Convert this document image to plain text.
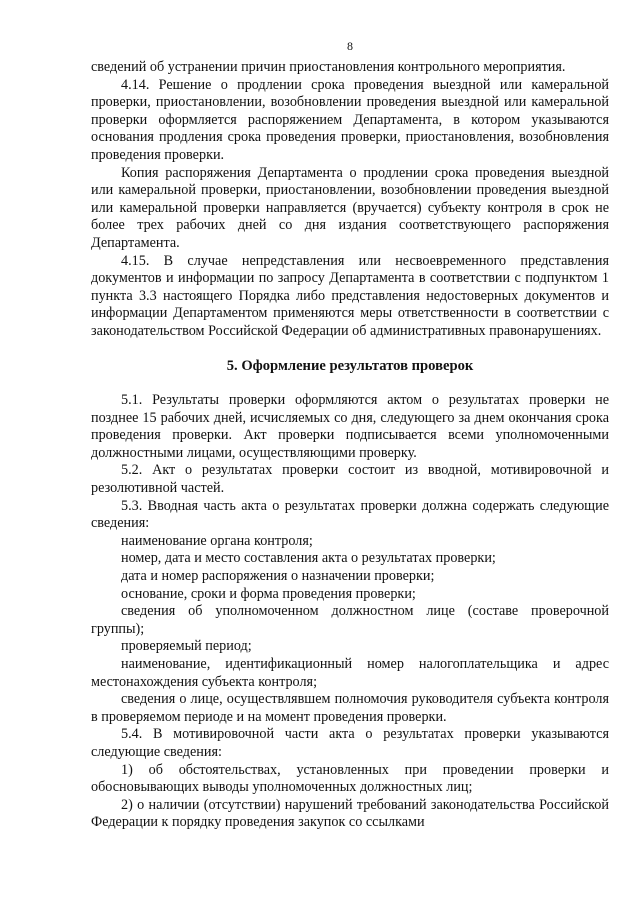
8

сведений об устранении причин приостановления контрольного мероприятия.

4.14. Решение о продлении срока проведения выездной или камеральной проверки, приостановлении, возобновлении проведения выездной или камеральной проверки оформляется распоряжением Департамента, в котором указываются основания продления срока проведения проверки, приостановления, возобновления проведения проверки.

Копия распоряжения Департамента о продлении срока проведения выездной или камеральной проверки, приостановлении, возобновлении проведения выездной или камеральной проверки направляется (вручается) субъекту контроля в срок не более трех рабочих дней со дня издания соответствующего распоряжения Департамента.

4.15. В случае непредставления или несвоевременного представления документов и информации по запросу Департамента в соответствии с подпунктом 1 пункта 3.3 настоящего Порядка либо представления недостоверных документов и информации Департаментом применяются меры ответственности в соответствии с законодательством Российской Федерации об административных правонарушениях.

5. Оформление результатов проверок

5.1. Результаты проверки оформляются актом о результатах проверки не позднее 15 рабочих дней, исчисляемых со дня, следующего за днем окончания срока проведения проверки. Акт проверки подписывается всеми уполномоченными должностными лицами, осуществляющими проверку.

5.2. Акт о результатах проверки состоит из вводной, мотивировочной и резолютивной частей.

5.3. Вводная часть акта о результатах проверки должна содержать следующие сведения:

наименование органа контроля;

номер, дата и место составления акта о результатах проверки;

дата и номер распоряжения о назначении проверки;

основание, сроки и форма проведения проверки;

сведения об уполномоченном должностном лице (составе проверочной группы);

проверяемый период;

наименование, идентификационный номер налогоплательщика и адрес местонахождения субъекта контроля;

сведения о лице, осуществлявшем полномочия руководителя субъекта контроля в проверяемом периоде и на момент проведения проверки.

5.4. В мотивировочной части акта о результатах проверки указываются следующие сведения:

1) об обстоятельствах, установленных при проведении проверки и обосновывающих выводы уполномоченных должностных лиц;

2) о наличии (отсутствии) нарушений требований законодательства Российской Федерации к порядку проведения закупок со ссылками
